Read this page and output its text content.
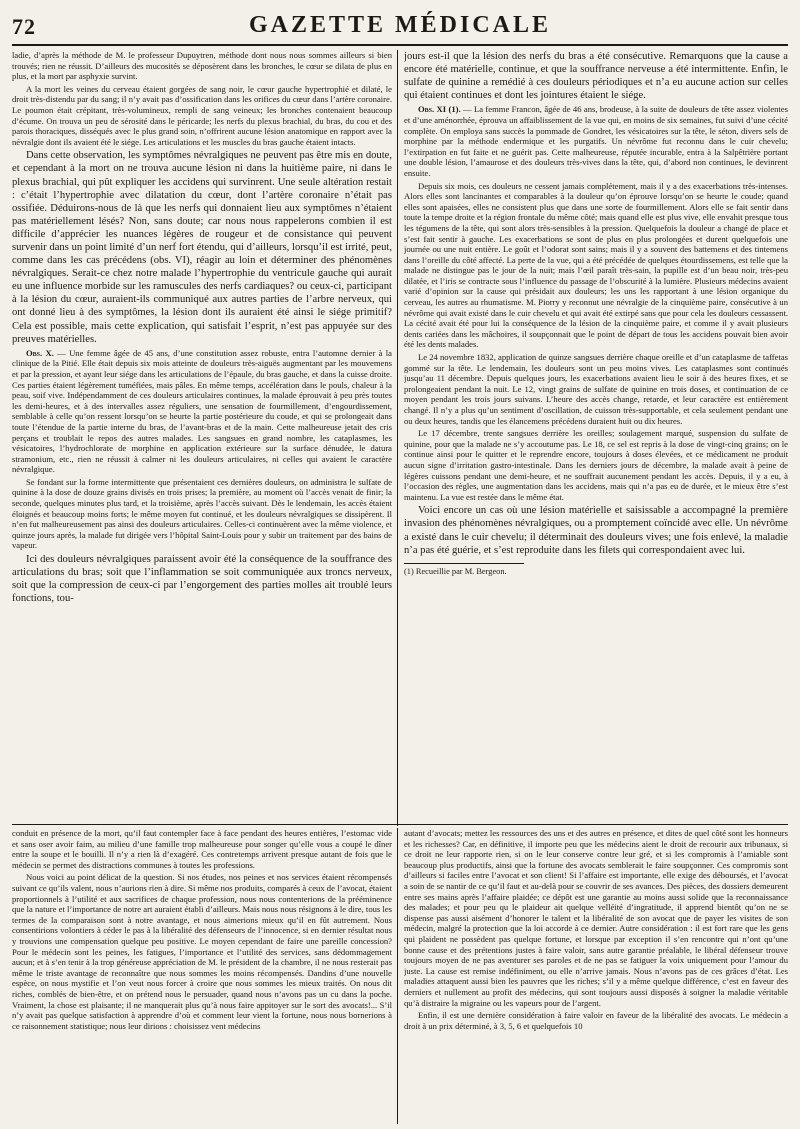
72	GAZETTE MÉDICALE

ladie, d’après la méthode de M. le professeur Dupuytren, méthode dont nous nous sommes ailleurs si bien trouvés; rien ne réussit. D’ailleurs des mucosités se déposèrent dans les bronches, le cœur se dilata de plus en plus, et la mort par asphyxie survint.

A la mort les veines du cerveau étaient gorgées de sang noir, le cœur gauche hypertrophié et dilaté, le droit très-distendu par du sang; il n’y avait pas d’ossification dans les orifices du cœur dans l’artère coronaire. Le poumon était crépitant, très-volumineux, rempli de sang veineux; les bronches contenaient beaucoup d’écume. On trouva un peu de sérosité dans le péricarde; les nerfs du plexus brachial, du bras, du cou et des parois thoraciques, disséqués avec le plus grand soin, n’offrirent aucune lésion anatomique en rapport avec la névralgie dont ils avaient été le siége. Les articulations et les muscles du bras gauche étaient intacts.

Dans cette observation, les symptômes névralgiques ne peuvent pas être mis en doute, et cependant à la mort on ne trouva aucune lésion ni dans la huitième paire, ni dans le plexus brachial, qui pût expliquer les accidens qui survinrent. Une seule altération restait : c’était l’hypertrophie avec dilatation du cœur, dont l’artère coronaire n’était pas ossifiée. Déduirons-nous de là que les nerfs qui donnaient lieu aux symptômes n’étaient pas matériellement lésés? Non, sans doute; car nous nous rappelerons combien il est difficile d’apprécier les nuances légères de rougeur et de consistance qui peuvent survenir dans un point limité d’un nerf fort étendu, qui d’ailleurs, lorsqu’il est irrité, peut, comme dans les cas précédens (obs. VI), réagir au loin et déterminer des phénomènes névralgiques. Serait-ce chez notre malade l’hypertrophie du ventricule gauche qui aurait eu une influence morbide sur les ramuscules des nerfs cardiaques? ou ceux-ci, participant à la lésion du cœur, auraient-ils communiqué aux autres parties de l’arbre nerveux, qui ont donné lieu à des symptômes, la lésion dont ils auraient été ainsi le siége primitif? Cela est possible, mais cette explication, qui satisfait l’esprit, n’est pas appuyée sur des preuves matérielles.

Obs. X. — Une femme âgée de 45 ans, d’une constitution assez robuste, entra l’automne dernier à la clinique de la Pitié. Elle était depuis six mois atteinte de douleurs très-aiguës augmentant par les mouvemens et par la pression, et ayant leur siége dans les articulations de l’épaule, du bras gauche, et dans la cuisse droite. Ces parties étaient légèrement tuméfiées, mais pâles. En même temps, accélération dans le pouls, chaleur à la peau, soif vive. Indépendamment de ces douleurs articulaires continues, la malade éprouvait à peu près toutes les demi-heures, et à des intervalles assez réguliers, une sensation de fourmillement, d’engourdissement, semblable à celle qu’on ressent lorsqu’on se heurte la partie postérieure du coude, et qui se prolongeait dans toute l’étendue de la partie interne du bras, de l’avant-bras et de la main. Cette malheureuse jetait des cris perçans et troublait le repos des autres malades. Les sangsues en grand nombre, les cataplasmes, les vésicatoires, l’hydrochlorate de morphine en application extérieure sur la surface dénudée, le datura stramonium, etc., rien ne réussit à calmer ni les douleurs articulaires, ni celles qui avaient le caractère névralgique.

Se fondant sur la forme intermittente que présentaient ces dernières douleurs, on administra le sulfate de quinine à la dose de douze grains divisés en trois prises; la première, au moment où l’accès venait de finir; la seconde, quelques minutes plus tard, et la troisième, après l’accès suivant. Dès le lendemain, les accès étaient éloignés et beaucoup moins forts; le même moyen fut continué, et les douleurs névralgiques se dissipèrent. Il n’en fut malheureusement pas ainsi des douleurs articulaires. Celles-ci continuèrent avec la même violence, et quinze jours après, la malade fut dirigée vers l’hôpital Saint-Louis pour y subir un traitement par des bains de vapeur.

Ici des douleurs névralgiques paraissent avoir été la conséquence de la souffrance des articulations du bras; soit que l’inflammation se soit communiquée aux troncs nerveux, soit que la compression de ceux-ci par l’engorgement des parties molles ait troublé leurs fonctions, tou-

jours est-il que la lésion des nerfs du bras a été consécutive. Remarquons que la cause a encore été matérielle, continue, et que la souffrance nerveuse a été intermittente. Enfin, le sulfate de quinine a remédié à ces douleurs périodiques et n’a eu aucune action sur celles qui étaient continues et dont les jointures étaient le siége.

Obs. XI (1). — La femme Francon, âgée de 46 ans, brodeuse, à la suite de douleurs de tête assez violentes et d’une aménorrhée, éprouva un affaiblissement de la vue qui, en moins de six semaines, fut suivi d’une cécité complète. On employa sans succès la pommade de Gondret, les vésicatoires sur la tête, le séton, divers sels de morphine par la méthode endermique et les purgatifs. Un névrôme fut reconnu dans le cuir chevelu; l’extirpation en fut faite et ne guérit pas. Cette malheureuse, réputée incurable, entra à la Salpêtrière portant une double lésion, l’amaurose et des douleurs très-vives dans la tête, qui, d’abord non continues, le devinrent ensuite.

Depuis six mois, ces douleurs ne cessent jamais complétement, mais il y a des exacerbations très-intenses. Alors elles sont lancinantes et comparables à la douleur qu’on éprouve lorsqu’on se heurte le coude; quand elles sont apaisées, elles ne consistent plus que dans une sorte de fourmillement. Alors elle se fait sentir dans toute la tempe droite et la région frontale du même côté; mais quand elle est plus vive, elle envahit presque tous les tégumens de la tête, qui sont alors très-sensibles à la pression. Quelquefois la douleur a changé de place et s’est fait sentir à gauche. Les exacerbations se sont de plus en plus prolongées et durent quelquefois une journée ou une nuit entière. Le goût et l’odorat sont sains; mais il y a souvent des battemens et des tintemens dans l’oreille du côté affecté. La perte de la vue, qui a été précédée de quelques étourdissemens, est telle que la malade ne distingue pas le jour de la nuit; mais l’œil paraît très-sain, la pupille est d’un beau noir, très-peu dilatée, et l’iris se contracte sous l’influence du passage de l’obscurité à la lumière. Plusieurs médecins avaient varié d’opinion sur la cause qui présidait aux douleurs; les uns les rapportant à une lésion organique du cerveau, les autres au rhumatisme. M. Piorry y reconnut une névralgie de la cinquième paire, consécutive à un névrôme qui avait existé dans le cuir chevelu et qui avait été extirpé sans que pour cela les douleurs cessassent. La cécité avait été pour lui la conséquence de la lésion de la cinquième paire, et comme il y avait plusieurs dents cariées dans les mâchoires, il soupçonnait que le point de départ de tous les accidens pouvait bien avoir été les dents malades.

Le 24 novembre 1832, application de quinze sangsues derrière chaque oreille et d’un cataplasme de taffetas gommé sur la tête. Le lendemain, les douleurs sont un peu moins vives. Les cataplasmes sont continués jusqu’au 11 décembre. Depuis quelques jours, les exacerbations avaient lieu le soir à des heures fixes, et se prolongeaient pendant la nuit. Le 12, vingt grains de sulfate de quinine en trois doses, et continuation de ce moyen pendant les trois jours suivans. L’heure des accès change, retarde, et leur caractère est entièrement changé. Il n’y a plus qu’un sentiment d’oscillation, de cuisson très-supportable, et cela seulement pendant une ou deux heures, tandis que les élancemens précédens duraient huit ou dix heures.

Le 17 décembre, trente sangsues derrière les oreilles; soulagement marqué, suspension du sulfate de quinine, pour que la malade ne s’y accoutume pas. Le 18, ce sel est repris à la dose de vingt-cinq grains; on le continue ainsi pour le quitter et le reprendre encore, toujours à doses élevées, et ce médicament ne produit aucun signe d’irritation gastro-intestinale. Dans les derniers jours de décembre, la malade avait à peine de légères cuissons pendant une demi-heure, et ne souffrait aucunement pendant les accès. Depuis, il y a eu, à l’occasion des règles, une augmentation dans les accidens, mais qui n’a pas eu de durée, et le mieux être s’est maintenu. La vue est restée dans le même état.

Voici encore un cas où une lésion matérielle et saisissable a accompagné la première invasion des phénomènes névralgiques, ou a promptement coïncidé avec elle. Un névrôme a existé dans le cuir chevelu; il déterminait des douleurs vives; une fois enlevé, la maladie n’a pas été guérie, et s’est reproduite dans les filets qui correspondaient avec lui.

(1) Recueillie par M. Bergeon.

conduit en présence de la mort, qu’il faut contempler face à face pendant des heures entières, l’estomac vide et sans oser avoir faim, au milieu d’une famille trop malheureuse pour songer qu’elle vous a coupé le dîner entre la soupe et le bouilli. Il n’y a rien là d’exagéré. Ces contretemps arrivent presque autant de fois que le médecin se permet des distractions communes à toutes les professions.

Nous voici au point délicat de la question. Si nos études, nos peines et nos services étaient récompensés suivant ce qu’ils valent, nous n’aurions rien à dire. Si même nos produits, comparés à ceux de l’avocat, étaient proportionnels à l’utilité et aux sacrifices de chaque profession, nous nous contenterions de la prééminence que la nature et l’importance de notre art auraient établi d’ailleurs. Mais nous nous résignons à le dire, tous les termes de la comparaison sont à notre avantage, et nous aimerions mieux qu’il en fût autrement. Nous consentirions volontiers à céder le pas à la libéralité des défenseurs de l’innocence, si en dernier résultat nous y trouvions une compensation quelque peu positive. Le moyen cependant de faire une pareille concession? Pour le médecin sont les peines, les fatigues, l’importance et l’utilité des services, sans dédommagement aucun; et à s’en tenir à la trop généreuse appréciation de M. le président de la chambre, il ne nous resterait pas même le triste avantage de reconnaître que nous sommes les moins récompensés. Dandins d’une nouvelle espèce, on nous mystifie et l’on veut nous forcer à croire que nous sommes les mieux traités. On nous dit riches, comblés de bien-être, et on prétend nous le persuader, quand nous n’avons pas un cu dans la poche. Vraiment, la chose est plaisante; il ne manquerait plus qu’à nous faire appitoyer sur le sort des avocats!... S’il n’y avait pas quelque satisfaction à apprendre d’où et comment leur vient la fortune, nous nous bornerions à ce raisonnement statistique; nous leur dirions : choisissez vent médecins

autant d’avocats; mettez les ressources des uns et des autres en présence, et dites de quel côté sont les honneurs et les richesses? Car, en définitive, il importe peu que les médecins aient le droit de recourir aux tribunaux, si ce droit ne leur rapporte rien, si on le leur conserve contre leur gré, et si les compromis à l’amiable sont beaucoup plus productifs, ainsi que la fortune des avocats semblerait le faire soupçonner. Ces compromis sont d’ailleurs si faciles entre l’avocat et son client! Si l’affaire est importante, elle exige des déboursés, et l’avocat a soin de se nantir de ce qu’il faut et au-delà pour se couvrir de ses avances. Des pièces, des dossiers demeurent entre ses mains après l’affaire plaidée; ce dépôt est une garantie au moins aussi solide que la reconnaissance des malades; et pour peu qu le plaideur ait quelque velléité d’ingratitude, il apprend bientôt qu’on ne se dispense pas aussi aisément d’honorer le talent et la libéralité de son avocat que de payer les visites de son médecin, malgré la protection que la loi accorde à ce dernier. Autre considération : il est fort rare que les gens qui plaident ne possèdent pas quelque fortune, et lorsque par exception il s’en rencontre qui n’ont qu’une bonne cause et des prétentions justes à faire valoir, sans autre garantie préalable, le libéral défenseur trouve toujours moyen de ne pas aventurer ses paroles et de ne pas se fatiguer la voix uniquement pour l’amour du juste. La cause est remise indéfiniment, ou elle n’arrive jamais. Nous n’avons pas de ces grâces d’état. Les maladies attaquent aussi bien les pauvres que les riches; s’il y a même quelque différence, c’est en faveur des derniers et nullement au profit des médecins, qui sont toujours aussi disposés à soigner la maladie véritable qu’à distraire la migraine ou les vapeurs pour de l’argent.

Enfin, il est une dernière considération à faire valoir en faveur de la libéralité des avocats. Le médecin a droit à un prix déterminé, à 3, 5, 6 et quelquefois 10
